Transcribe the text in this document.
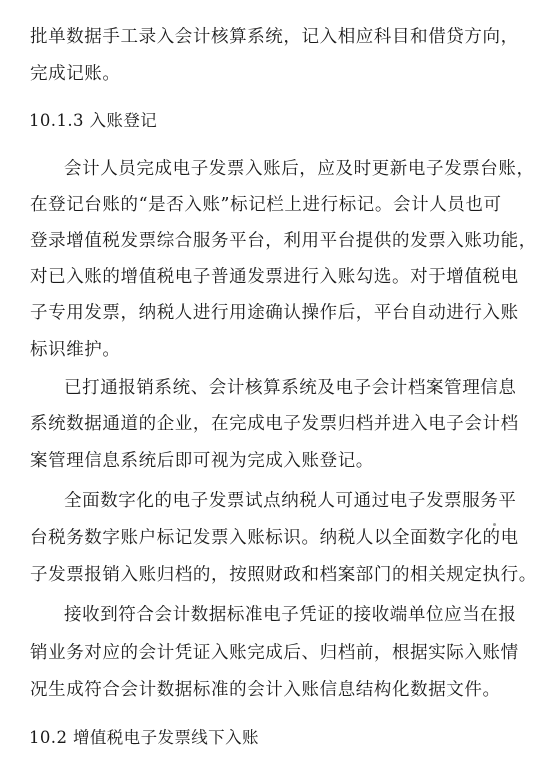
批单数据手工录入会计核算系统，记入相应科目和借贷方向，
完成记账。
10.1.3 入账登记
会计人员完成电子发票入账后，应及时更新电子发票台账，
在登记台账的“是否入账”标记栏上进行标记。会计人员也可
登录增值税发票综合服务平台，利用平台提供的发票入账功能，
对已入账的增值税电子普通发票进行入账勾选。对于增值税电
子专用发票，纳税人进行用途确认操作后，平台自动进行入账
标识维护。
已打通报销系统、会计核算系统及电子会计档案管理信息
系统数据通道的企业，在完成电子发票归档并进入电子会计档
案管理信息系统后即可视为完成入账登记。
全面数字化的电子发票试点纳税人可通过电子发票服务平
台税务数字账户标记发票入账标识。纳税人以全面数字化的电
子发票报销入账归档的，按照财政和档案部门的相关规定执行。
接收到符合会计数据标准电子凭证的接收端单位应当在报
销业务对应的会计凭证入账完成后、归档前，根据实际入账情
况生成符合会计数据标准的会计入账信息结构化数据文件。
10.2 增值税电子发票线下入账
